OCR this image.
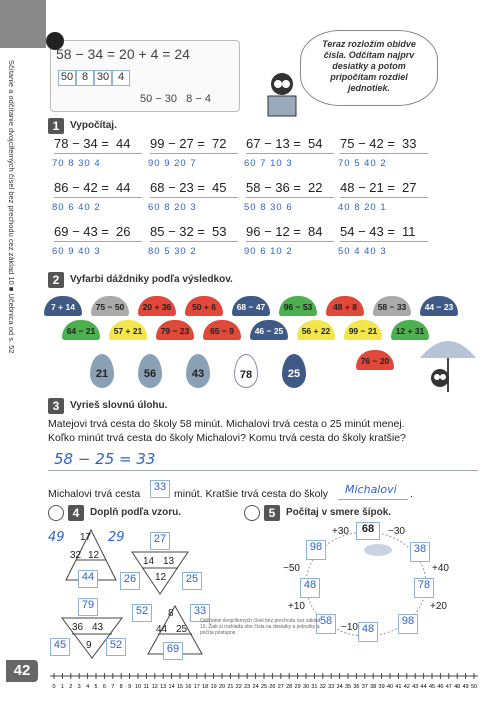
Sčítanie a odčítanie dvojciferných čísel bez prechodu cez základ 10 ■ Učebnica od s. 52
42
58 − 34 = 20 + 4 = 24
50 8 30 4
50 − 30   8 − 4
Teraz rozložím obidve čísla. Odčítam najprv desiatky a potom pripočítam rozdiel jednotiek.
1	Vypočítaj.
78 − 34 = 44
70 8 30 4
99 − 27 = 72
90 9 20 7
67 − 13 = 54
60 7 10 3
75 − 42 = 33
70 5 40 2
86 − 42 = 44
80 6 40 2
68 − 23 = 45
60 8 20 3
58 − 36 = 22
50 8 30 6
48 − 21 = 27
40 8 20 1
69 − 43 = 26
60 9 40 3
85 − 32 = 53
80 5 30 2
96 − 12 = 84
90 6 10 2
54 − 43 = 11
50 4 40 3
2	Vyfarbi dáždniky podľa výsledkov.
7 + 14	75 − 50	20 + 36	50 + 6	68 − 47	96 − 53	48 + 8	58 − 33	44 − 23
64 − 21	57 + 21	79 − 23	65 − 9	46 − 25	56 + 22	99 − 21	12 + 31
76 − 20
21	56	43	78	25
3	Vyrieš slovnú úlohu.
Matejovi trvá cesta do školy 58 minút. Michalovi trvá cesta o 25 minút menej.
Koľko minút trvá cesta do školy Michalovi? Komu trvá cesta do školy kratšie?
58 − 25 = 33
Michalovi trvá cesta
33
minút. Kratšie trvá cesta do školy Michalovi .
4	Doplň podľa vzoru.
49 17 29
32 12
44
27
14 13
12
26	25
79
36 43
9
45	52
52	8	33
44 25
69
5	Počítaj v smere šípok.
68
+30	−30
−50	+40
+10	+20
−10
98	38
48	78
58
48
98
Odčítanie dvojciferných čísel bez prechodu cez základ 10. Žiak si rozkladá obe čísla na desiatky a jednotky a počíta postupne.
0 1 2 3 4 5 6 7 8 9 10 11 12 13 14 15 16 17 18 19 20 21 22 23 24 25 26 27 28 29 30 31 32 33 34 35 36 37 38 39 40 41 42 43 44 45 46 47 48 49 50
